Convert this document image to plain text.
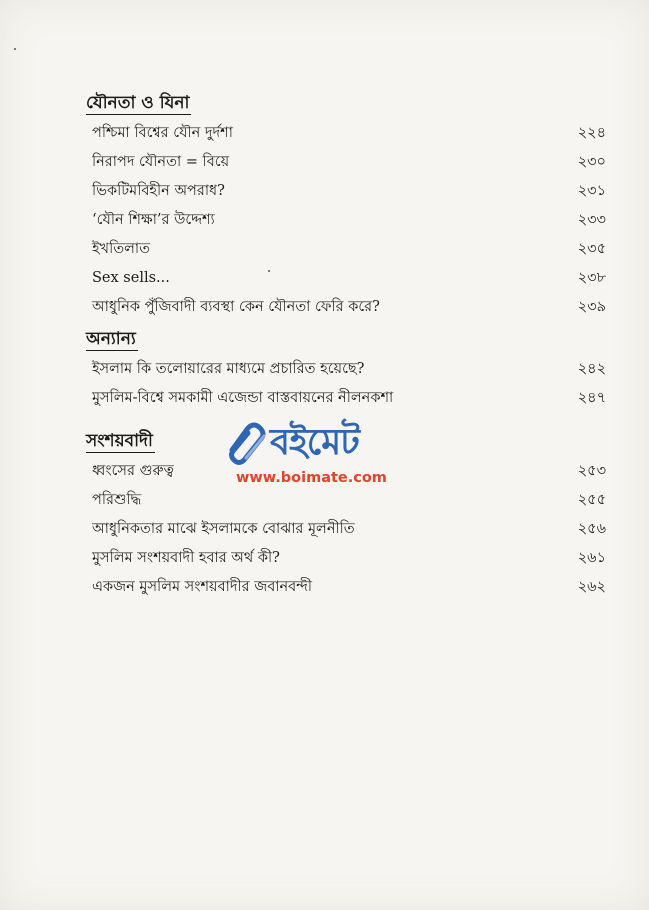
যৌনতা ও যিনা
পশ্চিমা বিশ্বের যৌন দুর্দশা	২২৪
নিরাপদ যৌনতা = বিয়ে	২৩০
ভিকটিমবিহীন অপরাধ?	২৩১
‘যৌন শিক্ষা’র উদ্দেশ্য	২৩৩
ইখতিলাত	২৩৫
Sex sells...	২৩৮
আধুনিক পুঁজিবাদী ব্যবস্থা কেন যৌনতা ফেরি করে?	২৩৯
অন্যান্য
ইসলাম কি তলোয়ারের মাধ্যমে প্রচারিত হয়েছে?	২৪২
মুসলিম-বিশ্বে সমকামী এজেন্ডা বাস্তবায়নের নীলনকশা	২৪৭
সংশয়বাদী
ধ্বংসের গুরুত্ব	২৫৩
পরিশুদ্ধি	২৫৫
আধুনিকতার মাঝে ইসলামকে বোঝার মূলনীতি	২৫৬
মুসলিম সংশয়বাদী হবার অর্থ কী?	২৬১
একজন মুসলিম সংশয়বাদীর জবানবন্দী	২৬২
বইমেট
www.boimate.com
